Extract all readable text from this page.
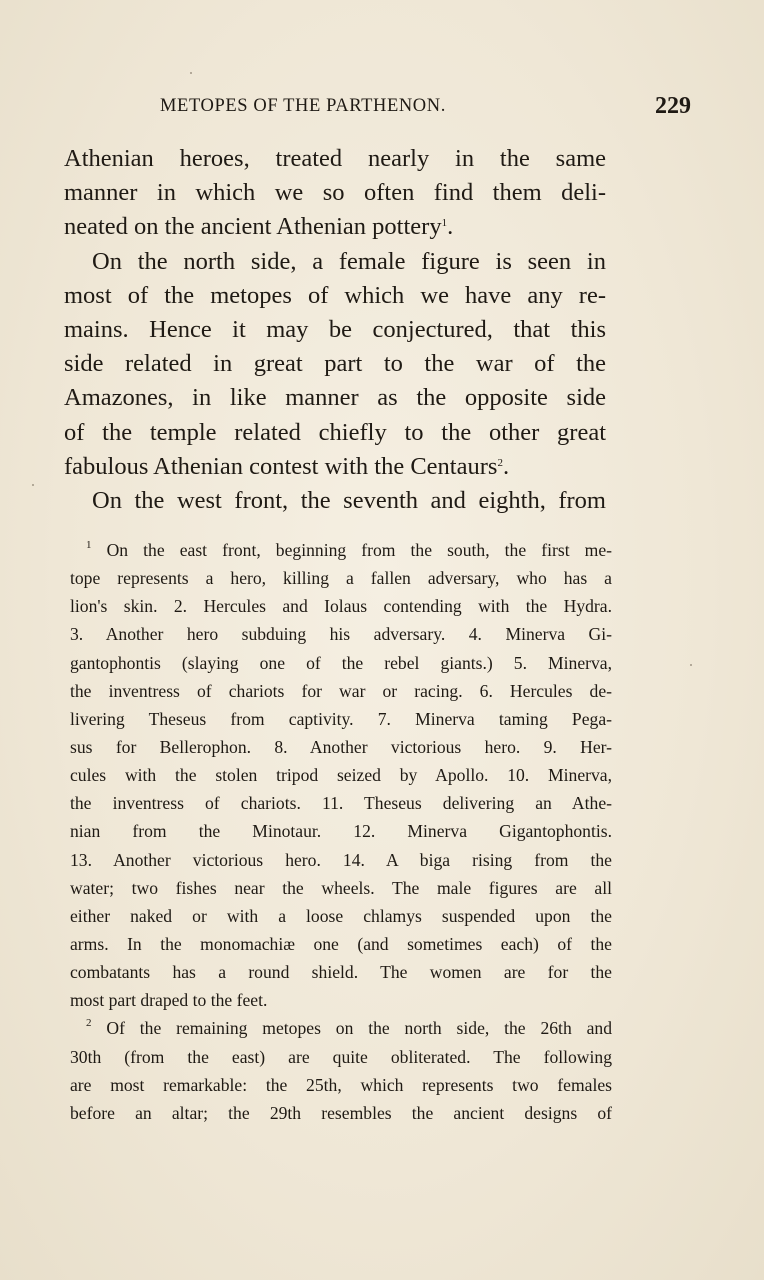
METOPES OF THE PARTHENON.	229
Athenian heroes, treated nearly in the same
manner in which we so often find them deli-
neated on the ancient Athenian pottery$^1$.
On the north side, a female figure is seen in
most of the metopes of which we have any re-
mains. Hence it may be conjectured, that this
side related in great part to the war of the
Amazones, in like manner as the opposite side
of the temple related chiefly to the other great
fabulous Athenian contest with the Centaurs$^2$.
On the west front, the seventh and eighth, from
$^1$ On the east front, beginning from the south, the first me-
tope represents a hero, killing a fallen adversary, who has a
lion's skin. 2. Hercules and Iolaus contending with the Hydra.
3. Another hero subduing his adversary. 4. Minerva Gi-
gantophontis (slaying one of the rebel giants.) 5. Minerva,
the inventress of chariots for war or racing. 6. Hercules de-
livering Theseus from captivity. 7. Minerva taming Pega-
sus for Bellerophon. 8. Another victorious hero. 9. Her-
cules with the stolen tripod seized by Apollo. 10. Minerva,
the inventress of chariots. 11. Theseus delivering an Athe-
nian from the Minotaur. 12. Minerva Gigantophontis.
13. Another victorious hero. 14. A biga rising from the
water; two fishes near the wheels. The male figures are all
either naked or with a loose chlamys suspended upon the
arms. In the monomachiæ one (and sometimes each) of the
combatants has a round shield. The women are for the
most part draped to the feet.
$^2$ Of the remaining metopes on the north side, the 26th and
30th (from the east) are quite obliterated. The following
are most remarkable: the 25th, which represents two females
before an altar; the 29th resembles the ancient designs of
